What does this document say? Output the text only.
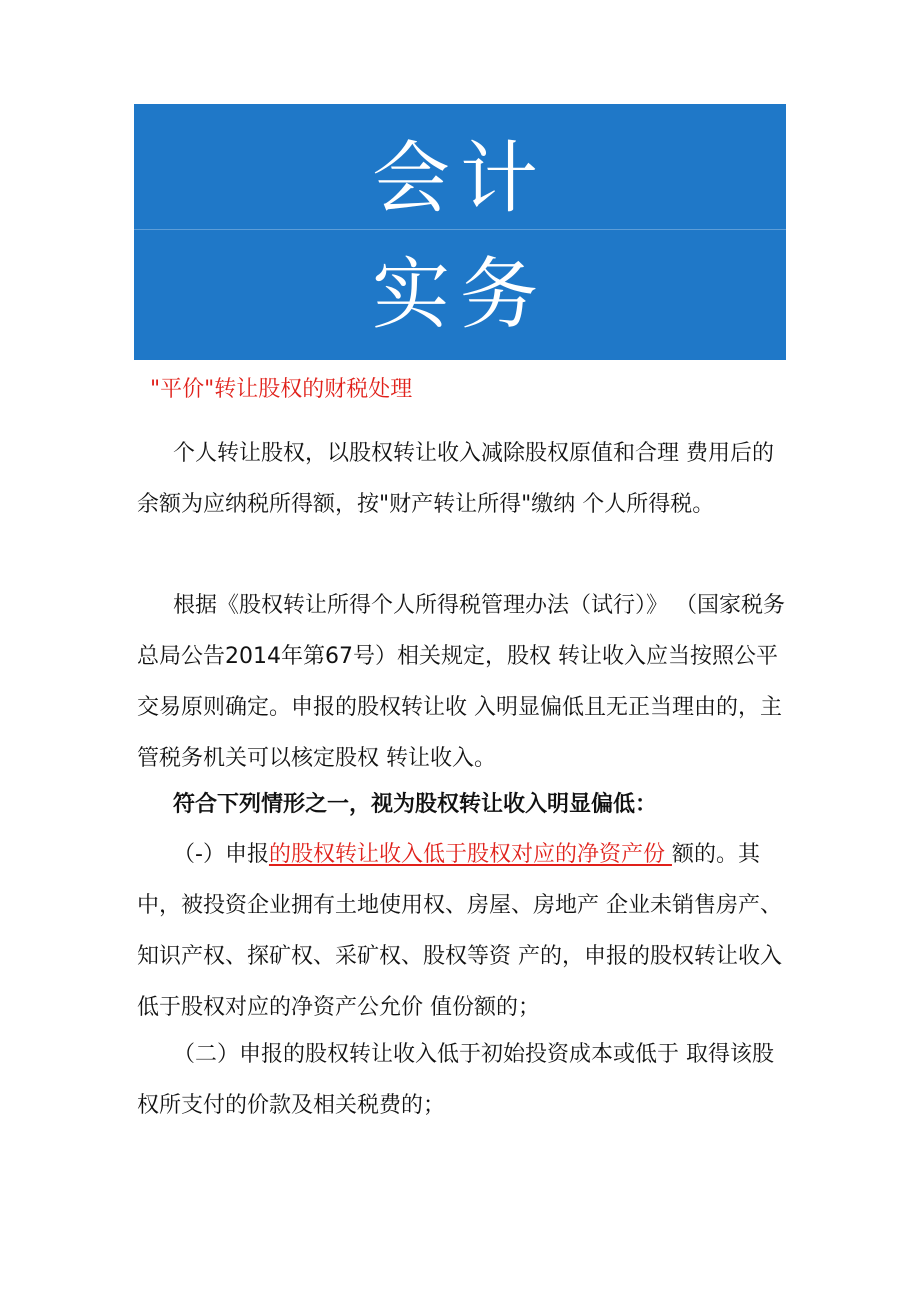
会计
实务
"平价"转让股权的财税处理

个人转让股权，以股权转让收入减除股权原值和合理 费用后的余额为应纳税所得额，按"财产转让所得"缴纳 个人所得税。

根据《股权转让所得个人所得税管理办法（试行）》 （国家税务总局公告2014年第67号）相关规定，股权 转让收入应当按照公平交易原则确定。申报的股权转让收 入明显偏低且无正当理由的，主管税务机关可以核定股权 转让收入。

符合下列情形之一，视为股权转让收入明显偏低：

（-）申报的股权转让收入低于股权对应的净资产份 额的。其中，被投资企业拥有土地使用权、房屋、房地产 企业未销售房产、知识产权、探矿权、采矿权、股权等资 产的，申报的股权转让收入低于股权对应的净资产公允价 值份额的；

（二）申报的股权转让收入低于初始投资成本或低于 取得该股权所支付的价款及相关税费的；
